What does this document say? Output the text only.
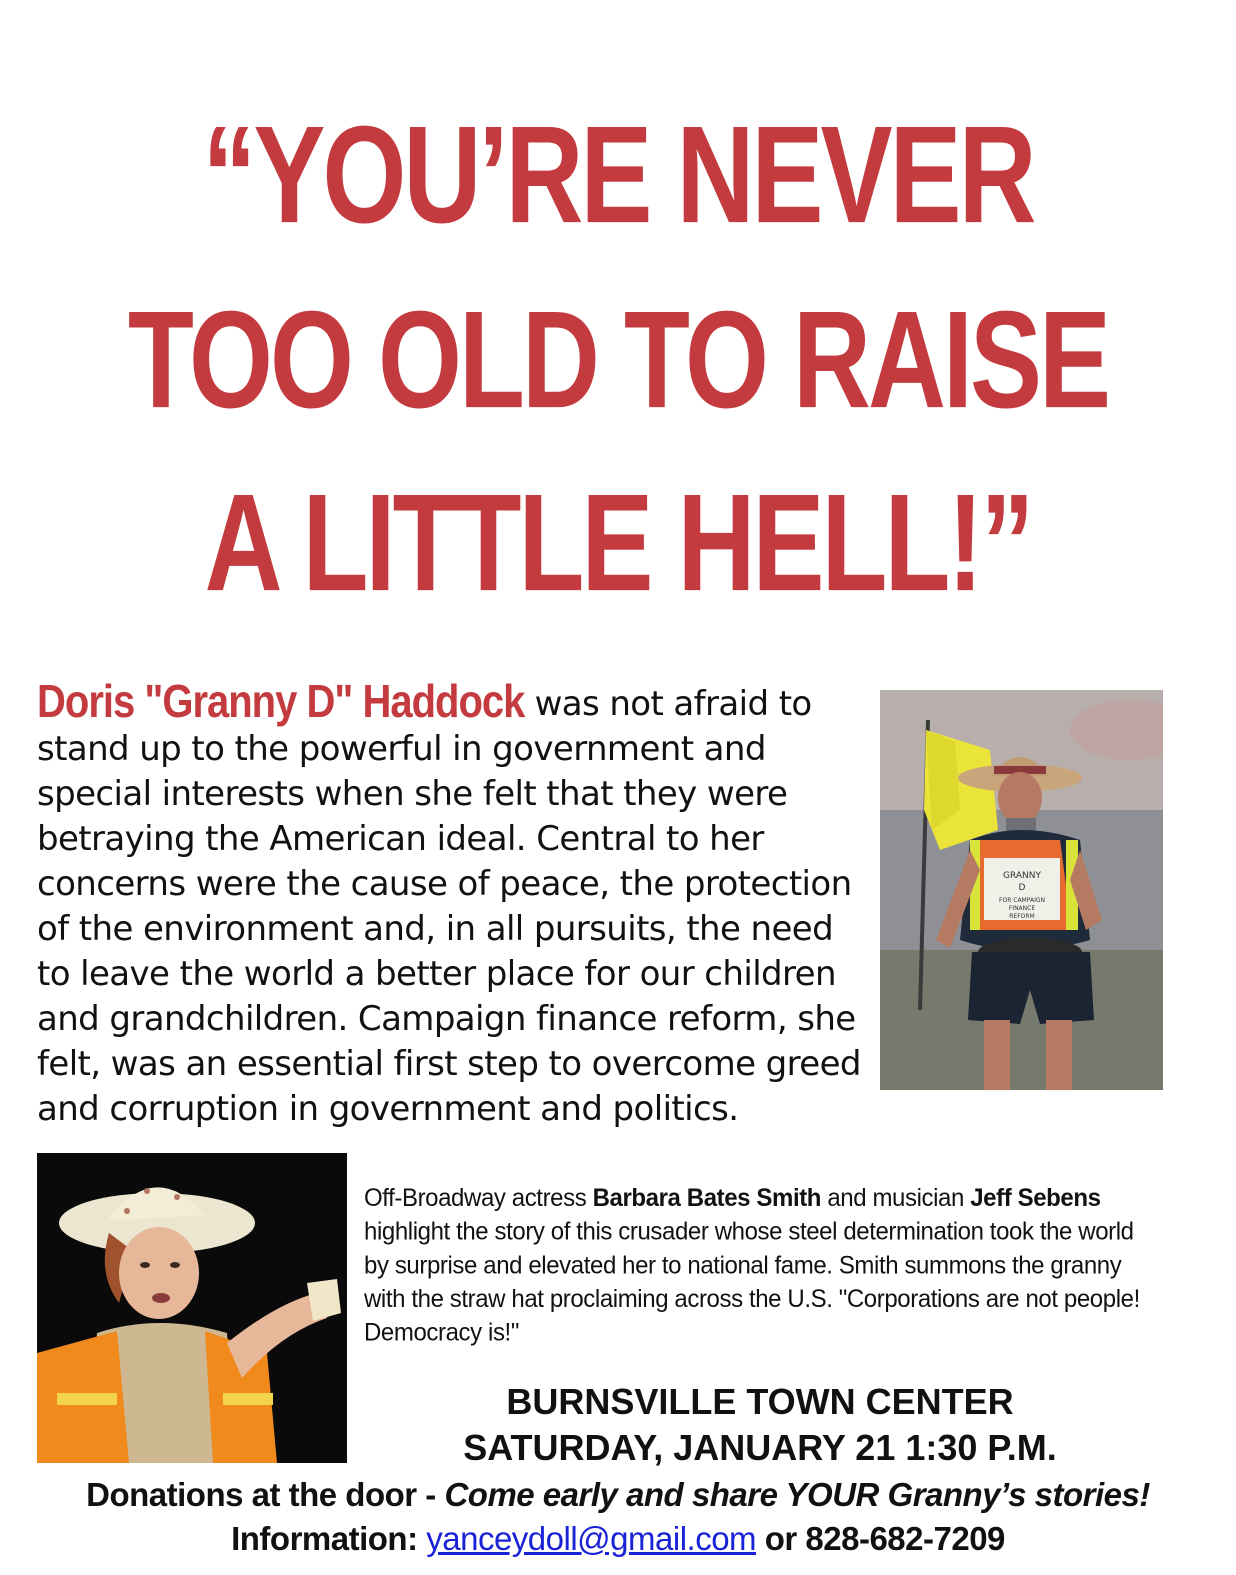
“YOU’RE NEVER
TOO OLD TO RAISE
A LITTLE HELL!”

Doris "Granny D" Haddock was not afraid to stand up to the powerful in government and special interests when she felt that they were betraying the American ideal. Central to her concerns were the cause of peace, the protection of the environment and, in all pursuits, the need to leave the world a better place for our children and grandchildren. Campaign finance reform, she felt, was an essential first step to overcome greed and corruption in government and politics.

GRANNY
D
FOR CAMPAIGN
FINANCE
REFORM

Off-Broadway actress Barbara Bates Smith and musician Jeff Sebens highlight the story of this crusader whose steel determination took the world by surprise and elevated her to national fame. Smith summons the granny with the straw hat proclaiming across the U.S. "Corporations are not people! Democracy is!"

BURNSVILLE TOWN CENTER
SATURDAY, JANUARY 21 1:30 P.M.
Donations at the door - Come early and share YOUR Granny’s stories!
Information: yanceydoll@gmail.com or 828-682-7209
